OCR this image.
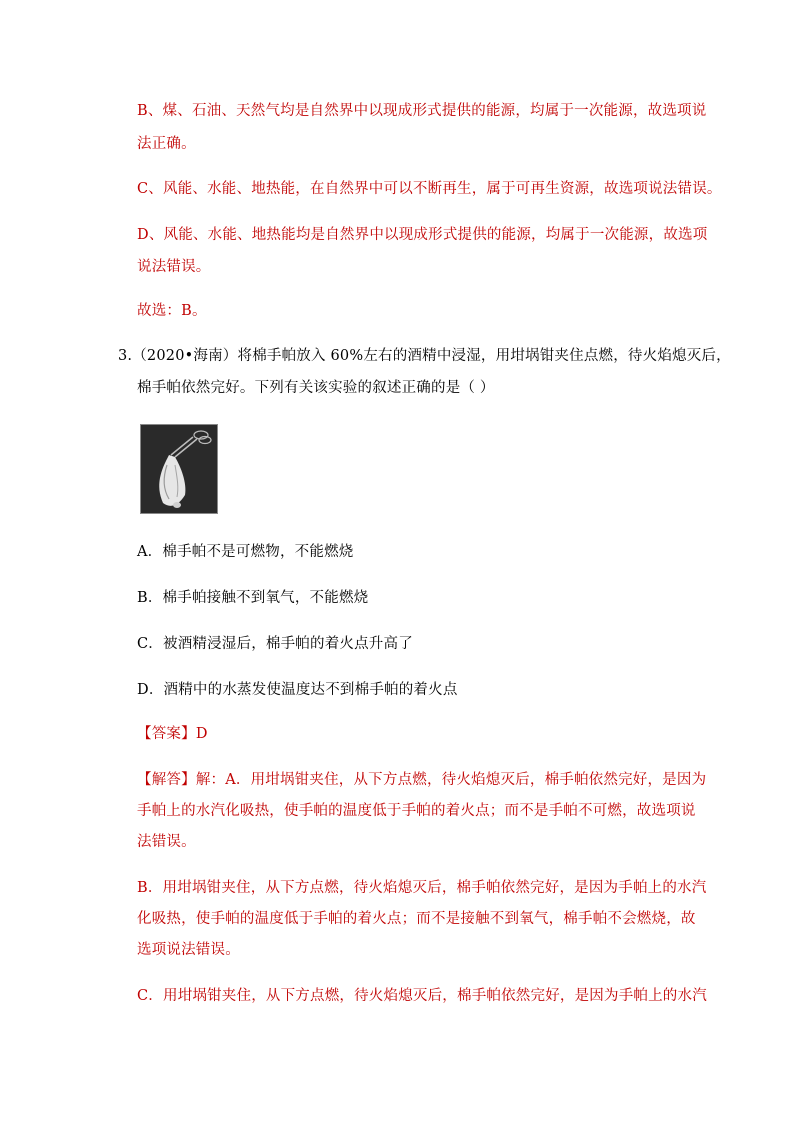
B、煤、石油、天然气均是自然界中以现成形式提供的能源，均属于一次能源，故选项说
法正确。
C、风能、水能、地热能，在自然界中可以不断再生，属于可再生资源，故选项说法错误。
D、风能、水能、地热能均是自然界中以现成形式提供的能源，均属于一次能源，故选项
说法错误。
故选：B。
3.（2020•海南）将棉手帕放入 60%左右的酒精中浸湿，用坩埚钳夹住点燃，待火焰熄灭后，
棉手帕依然完好。下列有关该实验的叙述正确的是（ ）
A．棉手帕不是可燃物，不能燃烧
B．棉手帕接触不到氧气，不能燃烧
C．被酒精浸湿后，棉手帕的着火点升高了
D．酒精中的水蒸发使温度达不到棉手帕的着火点
【答案】D
【解答】解：A．用坩埚钳夹住，从下方点燃，待火焰熄灭后，棉手帕依然完好，是因为
手帕上的水汽化吸热，使手帕的温度低于手帕的着火点；而不是手帕不可燃，故选项说
法错误。
B．用坩埚钳夹住，从下方点燃，待火焰熄灭后，棉手帕依然完好，是因为手帕上的水汽
化吸热，使手帕的温度低于手帕的着火点；而不是接触不到氧气，棉手帕不会燃烧，故
选项说法错误。
C．用坩埚钳夹住，从下方点燃，待火焰熄灭后，棉手帕依然完好，是因为手帕上的水汽
